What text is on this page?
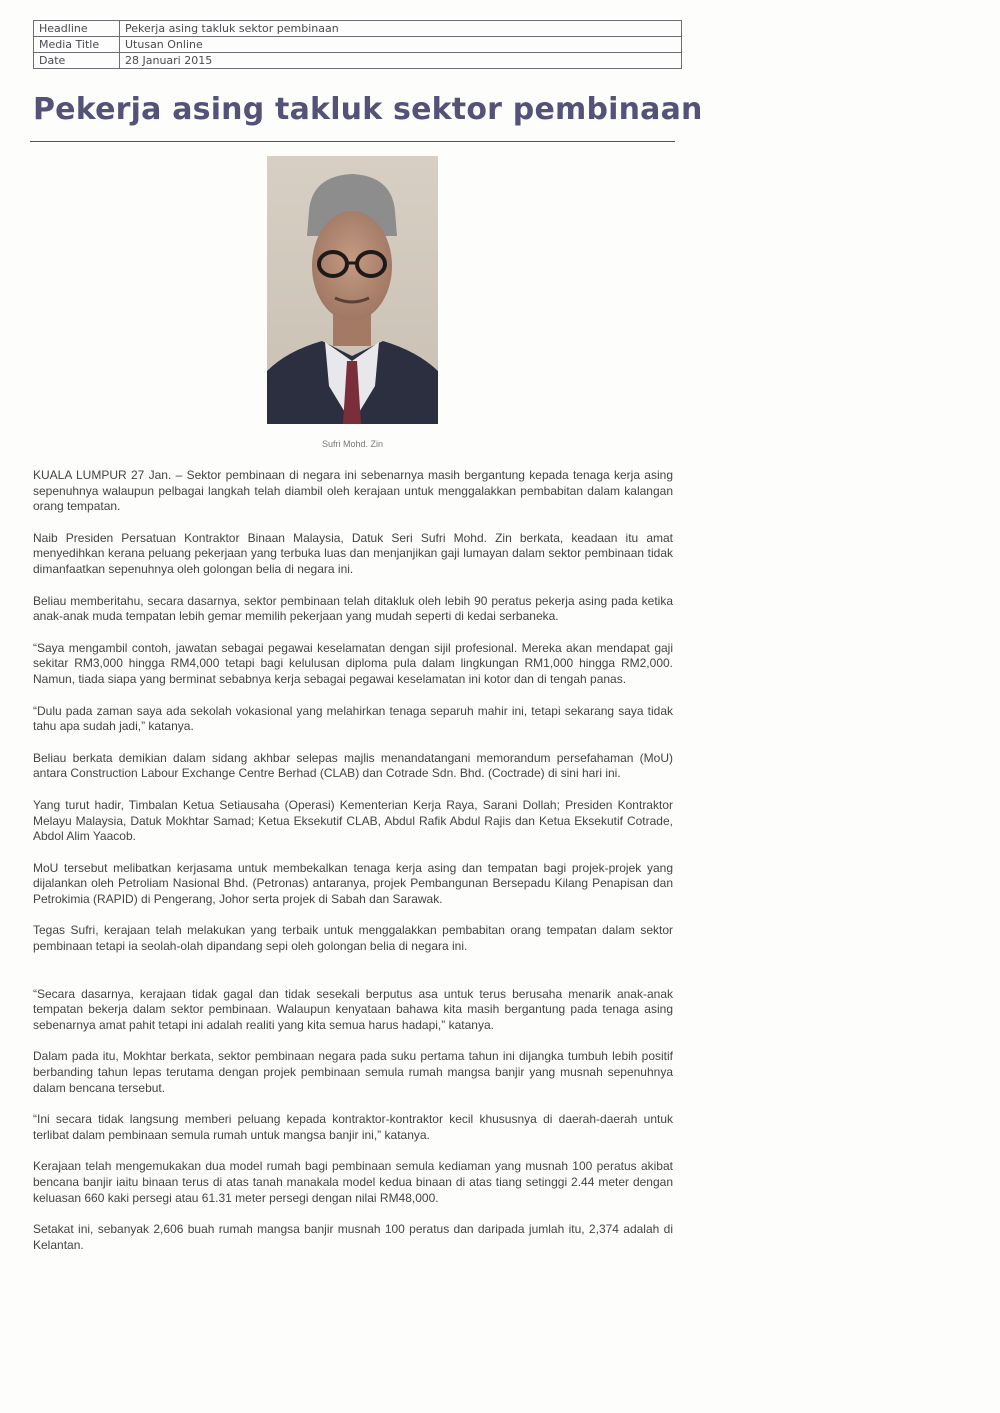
Headline	Pekerja asing takluk sektor pembinaan
Media Title	Utusan Online
Date	28 Januari 2015
Pekerja asing takluk sektor pembinaan
Sufri Mohd. Zin

KUALA LUMPUR 27 Jan. – Sektor pembinaan di negara ini sebenarnya masih bergantung kepada tenaga kerja asing sepenuhnya walaupun pelbagai langkah telah diambil oleh kerajaan untuk menggalakkan pembabitan dalam kalangan orang tempatan.

Naib Presiden Persatuan Kontraktor Binaan Malaysia, Datuk Seri Sufri Mohd. Zin berkata, keadaan itu amat menyedihkan kerana peluang pekerjaan yang terbuka luas dan menjanjikan gaji lumayan dalam sektor pembinaan tidak dimanfaatkan sepenuhnya oleh golongan belia di negara ini.

Beliau memberitahu, secara dasarnya, sektor pembinaan telah ditakluk oleh lebih 90 peratus pekerja asing pada ketika anak-anak muda tempatan lebih gemar memilih pekerjaan yang mudah seperti di kedai serbaneka.

“Saya mengambil contoh, jawatan sebagai pegawai keselamatan dengan sijil profesional. Mereka akan mendapat gaji sekitar RM3,000 hingga RM4,000 tetapi bagi kelulusan diploma pula dalam lingkungan RM1,000 hingga RM2,000. Namun, tiada siapa yang berminat sebabnya kerja sebagai pegawai keselamatan ini kotor dan di tengah panas.

“Dulu pada zaman saya ada sekolah vokasional yang melahirkan tenaga separuh mahir ini, tetapi sekarang saya tidak tahu apa sudah jadi,” katanya.

Beliau berkata demikian dalam sidang akhbar selepas majlis menandatangani memorandum persefahaman (MoU) antara Construction Labour Exchange Centre Berhad (CLAB) dan Cotrade Sdn. Bhd. (Coctrade) di sini hari ini.

Yang turut hadir, Timbalan Ketua Setiausaha (Operasi) Kementerian Kerja Raya, Sarani Dollah; Presiden Kontraktor Melayu Malaysia, Datuk Mokhtar Samad; Ketua Eksekutif CLAB, Abdul Rafik Abdul Rajis dan Ketua Eksekutif Cotrade, Abdol Alim Yaacob.

MoU tersebut melibatkan kerjasama untuk membekalkan tenaga kerja asing dan tempatan bagi projek-projek yang dijalankan oleh Petroliam Nasional Bhd. (Petronas) antaranya, projek Pembangunan Bersepadu Kilang Penapisan dan Petrokimia (RAPID) di Pengerang, Johor serta projek di Sabah dan Sarawak.

Tegas Sufri, kerajaan telah melakukan yang terbaik untuk menggalakkan pembabitan orang tempatan dalam sektor pembinaan tetapi ia seolah-olah dipandang sepi oleh golongan belia di negara ini.

“Secara dasarnya, kerajaan tidak gagal dan tidak sesekali berputus asa untuk terus berusaha menarik anak-anak tempatan bekerja dalam sektor pembinaan. Walaupun kenyataan bahawa kita masih bergantung pada tenaga asing sebenarnya amat pahit tetapi ini adalah realiti yang kita semua harus hadapi,” katanya.

Dalam pada itu, Mokhtar berkata, sektor pembinaan negara pada suku pertama tahun ini dijangka tumbuh lebih positif berbanding tahun lepas terutama dengan projek pembinaan semula rumah mangsa banjir yang musnah sepenuhnya dalam bencana tersebut.

“Ini secara tidak langsung memberi peluang kepada kontraktor-kontraktor kecil khususnya di daerah-daerah untuk terlibat dalam pembinaan semula rumah untuk mangsa banjir ini,” katanya.

Kerajaan telah mengemukakan dua model rumah bagi pembinaan semula kediaman yang musnah 100 peratus akibat bencana banjir iaitu binaan terus di atas tanah manakala model kedua binaan di atas tiang setinggi 2.44 meter dengan keluasan 660 kaki persegi atau 61.31 meter persegi dengan nilai RM48,000.

Setakat ini, sebanyak 2,606 buah rumah mangsa banjir musnah 100 peratus dan daripada jumlah itu, 2,374 adalah di Kelantan.
